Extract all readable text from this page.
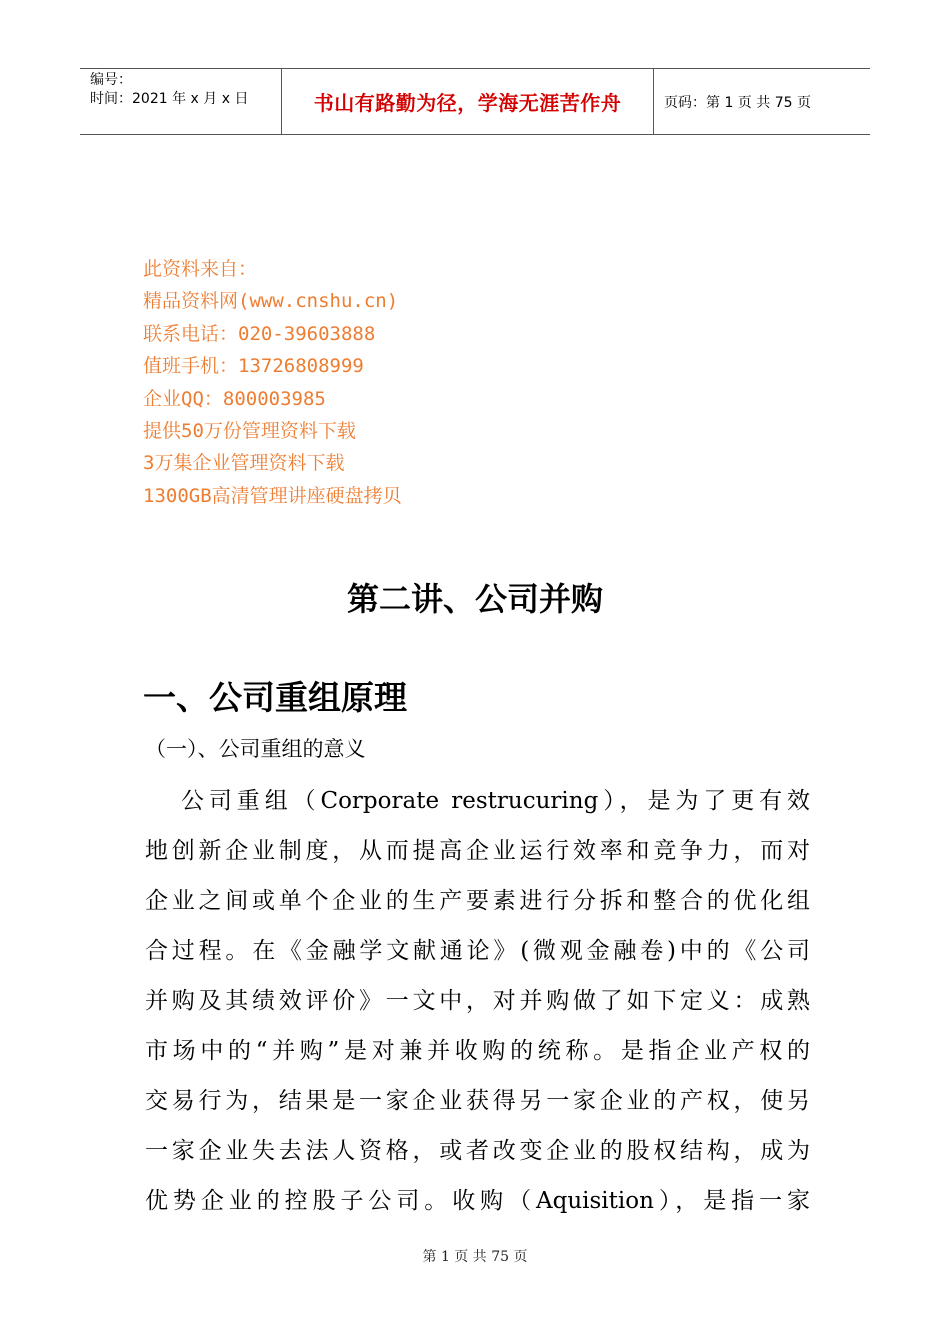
编号：
时间：2021 年 x 月 x 日	书山有路勤为径，学海无涯苦作舟	页码：第 1 页 共 75 页
此资料来自：
精品资料网(www.cnshu.cn)
联系电话：020-39603888
值班手机：13726808999
企业QQ：800003985
提供50万份管理资料下载
3万集企业管理资料下载
1300GB高清管理讲座硬盘拷贝
第二讲、公司并购
一、公司重组原理
（一）、公司重组的意义
公司重组（Corporate restrucuring），是为了更有效
地创新企业制度，从而提高企业运行效率和竞争力，而对
企业之间或单个企业的生产要素进行分拆和整合的优化组
合过程。在《金融学文献通论》(微观金融卷)中的《公司
并购及其绩效评价》一文中，对并购做了如下定义：成熟
市场中的“并购”是对兼并收购的统称。是指企业产权的
交易行为，结果是一家企业获得另一家企业的产权，使另
一家企业失去法人资格，或者改变企业的股权结构，成为
优势企业的控股子公司。收购（Aquisition），是指一家
第 1 页 共 75 页
